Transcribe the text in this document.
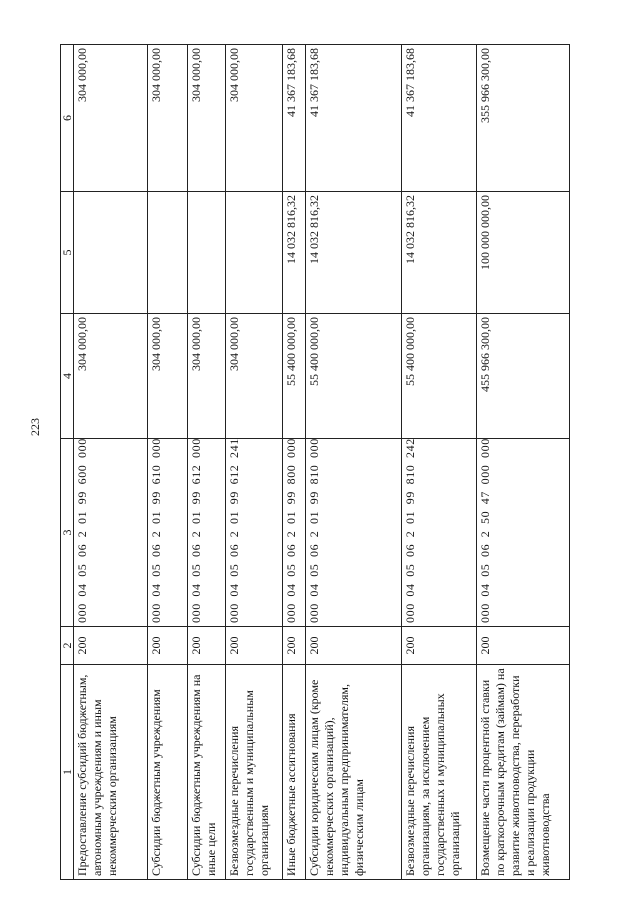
223
1	2	3	4	5	6
Предоставление субсидий бюджетным, автономным учреждениям и иным некоммерческим организациям	200	000 04 05 06 2 01 99 600 000	304 000,00		304 000,00
Субсидии бюджетным учреждениям	200	000 04 05 06 2 01 99 610 000	304 000,00		304 000,00
Субсидии бюджетным учреждениям на иные цели	200	000 04 05 06 2 01 99 612 000	304 000,00		304 000,00
Безвозмездные перечисления государственным и муниципальным организациям	200	000 04 05 06 2 01 99 612 241	304 000,00		304 000,00
Иные бюджетные ассигнования	200	000 04 05 06 2 01 99 800 000	55 400 000,00	14 032 816,32	41 367 183,68
Субсидии юридическим лицам (кроме некоммерческих организаций), индивидуальным предпринимателям, физическим лицам	200	000 04 05 06 2 01 99 810 000	55 400 000,00	14 032 816,32	41 367 183,68
Безвозмездные перечисления организациям, за исключением государственных и муниципальных организаций	200	000 04 05 06 2 01 99 810 242	55 400 000,00	14 032 816,32	41 367 183,68
Возмещение части процентной ставки по краткосрочным кредитам (займам) на развитие животноводства, переработки и реализации продукции животноводства	200	000 04 05 06 2 50 47 000 000	455 966 300,00	100 000 000,00	355 966 300,00
